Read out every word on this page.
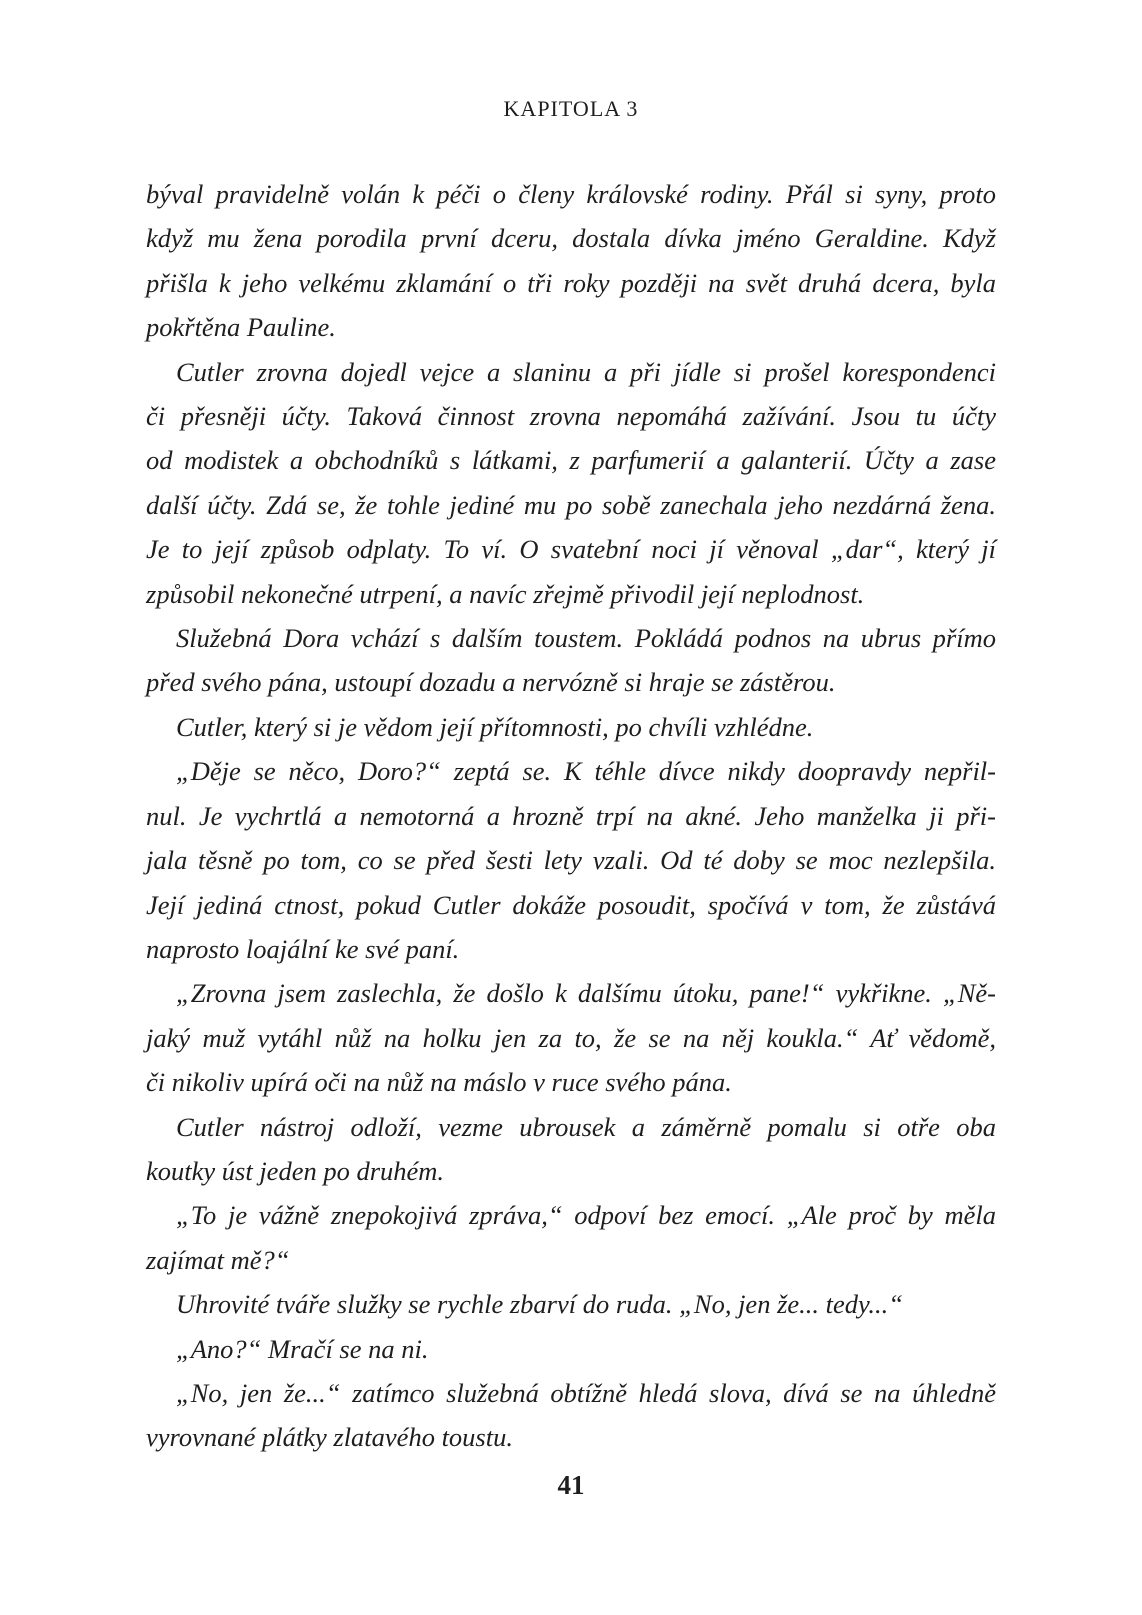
KAPITOLA 3
býval pravidelně volán k péči o členy královské rodiny. Přál si syny, proto
když mu žena porodila první dceru, dostala dívka jméno Geraldine. Když
přišla k jeho velkému zklamání o tři roky později na svět druhá dcera, byla
pokřtěna Pauline.
Cutler zrovna dojedl vejce a slaninu a při jídle si prošel korespondenci
či přesněji účty. Taková činnost zrovna nepomáhá zažívání. Jsou tu účty
od modistek a obchodníků s látkami, z parfumerií a galanterií. Účty a zase
další účty. Zdá se, že tohle jediné mu po sobě zanechala jeho nezdárná žena.
Je to její způsob odplaty. To ví. O svatební noci jí věnoval „dar“, který jí
způsobil nekonečné utrpení, a navíc zřejmě přivodil její neplodnost.
Služebná Dora vchází s dalším toustem. Pokládá podnos na ubrus přímo
před svého pána, ustoupí dozadu a nervózně si hraje se zástěrou.
Cutler, který si je vědom její přítomnosti, po chvíli vzhlédne.
„Děje se něco, Doro?“ zeptá se. K téhle dívce nikdy doopravdy nepřil-
nul. Je vychrtlá a nemotorná a hrozně trpí na akné. Jeho manželka ji při-
jala těsně po tom, co se před šesti lety vzali. Od té doby se moc nezlepšila.
Její jediná ctnost, pokud Cutler dokáže posoudit, spočívá v tom, že zůstává
naprosto loajální ke své paní.
„Zrovna jsem zaslechla, že došlo k dalšímu útoku, pane!“ vykřikne. „Ně-
jaký muž vytáhl nůž na holku jen za to, že se na něj koukla.“ Ať vědomě,
či nikoliv upírá oči na nůž na máslo v ruce svého pána.
Cutler nástroj odloží, vezme ubrousek a záměrně pomalu si otře oba
koutky úst jeden po druhém.
„To je vážně znepokojivá zpráva,“ odpoví bez emocí. „Ale proč by měla
zajímat mě?“
Uhrovité tváře služky se rychle zbarví do ruda. „No, jen že... tedy...“
„Ano?“ Mračí se na ni.
„No, jen že...“ zatímco služebná obtížně hledá slova, dívá se na úhledně
vyrovnané plátky zlatavého toustu.
41
